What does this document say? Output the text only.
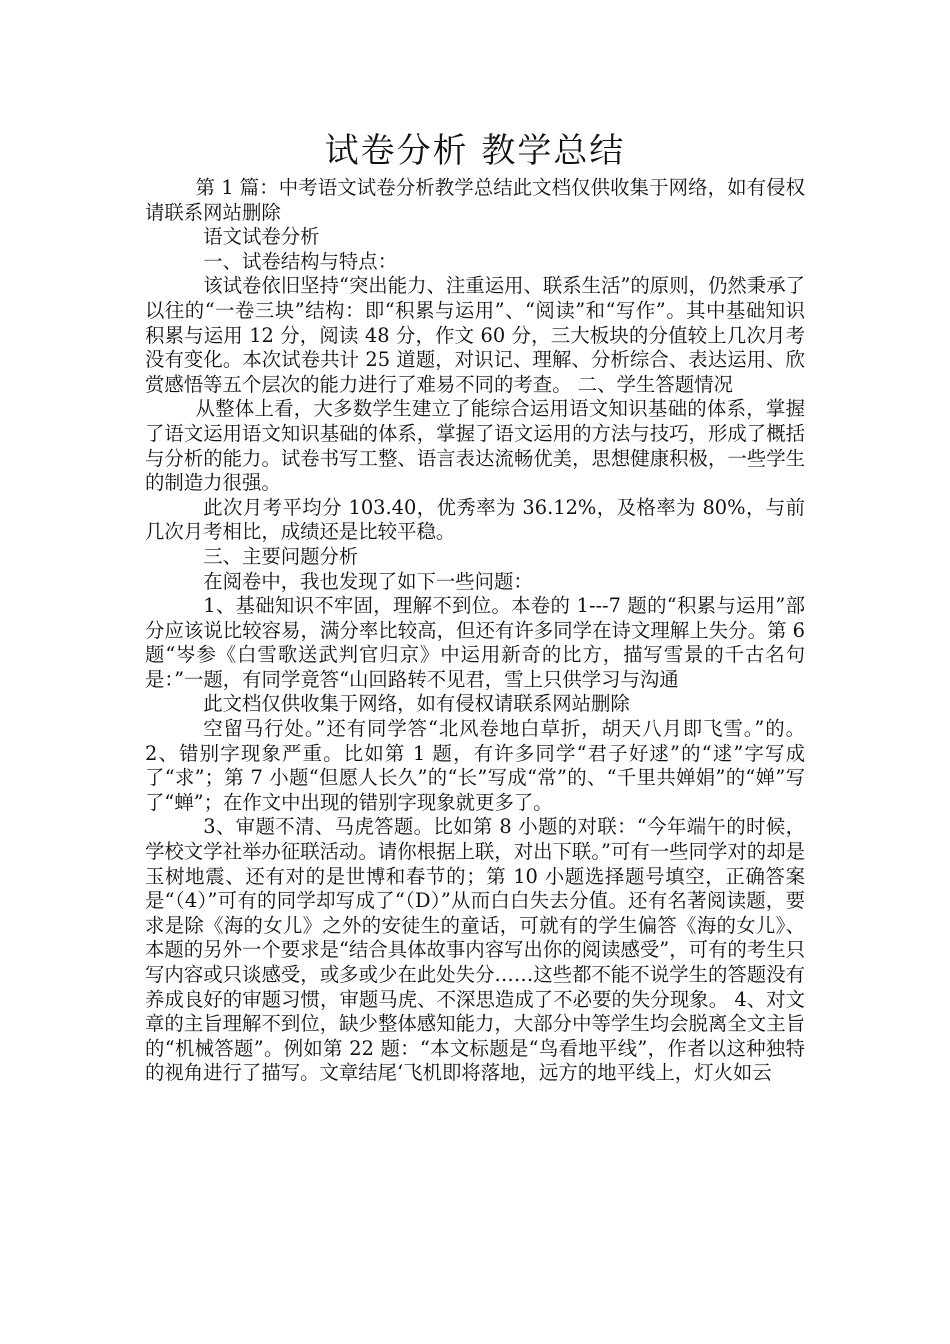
试卷分析 教学总结

第 1 篇：中考语文试卷分析教学总结此文档仅供收集于网络，如有侵权请联系网站删除

语文试卷分析

一、试卷结构与特点：

该试卷依旧坚持“突出能力、注重运用、联系生活”的原则，仍然秉承了以往的“一卷三块”结构：即“积累与运用”、“阅读”和“写作”。其中基础知识积累与运用 12 分，阅读 48 分，作文 60 分，三大板块的分值较上几次月考没有变化。本次试卷共计 25 道题，对识记、理解、分析综合、表达运用、欣赏感悟等五个层次的能力进行了难易不同的考查。 二、学生答题情况

从整体上看，大多数学生建立了能综合运用语文知识基础的体系，掌握了语文运用语文知识基础的体系，掌握了语文运用的方法与技巧，形成了概括与分析的能力。试卷书写工整、语言表达流畅优美，思想健康积极，一些学生的制造力很强。

此次月考平均分 103.40，优秀率为 36.12%，及格率为 80%，与前几次月考相比，成绩还是比较平稳。

三、主要问题分析

在阅卷中，我也发现了如下一些问题：

1、基础知识不牢固，理解不到位。本卷的 1---7 题的“积累与运用”部分应该说比较容易，满分率比较高，但还有许多同学在诗文理解上失分。第 6 题“岑参《白雪歌送武判官归京》中运用新奇的比方，描写雪景的千古名句是：”一题，有同学竟答“山回路转不见君，雪上只供学习与沟通

此文档仅供收集于网络，如有侵权请联系网站删除

空留马行处。”还有同学答“北风卷地白草折，胡天八月即飞雪。”的。 2、错别字现象严重。比如第 1 题，有许多同学“君子好逑”的“逑”字写成了“求”；第 7 小题“但愿人长久”的“长”写成“常”的、“千里共婵娟”的“婵”写了“蝉”；在作文中出现的错别字现象就更多了。

3、审题不清、马虎答题。比如第 8 小题的对联：“今年端午的时候，学校文学社举办征联活动。请你根据上联，对出下联。”可有一些同学对的却是玉树地震、还有对的是世博和春节的；第 10 小题选择题号填空，正确答案是“（4）”可有的同学却写成了“（D）”从而白白失去分值。还有名著阅读题，要求是除《海的女儿》之外的安徒生的童话，可就有的学生偏答《海的女儿》、本题的另外一个要求是“结合具体故事内容写出你的阅读感受”，可有的考生只写内容或只谈感受，或多或少在此处失分……这些都不能不说学生的答题没有养成良好的审题习惯，审题马虎、不深思造成了不必要的失分现象。 4、对文章的主旨理解不到位，缺少整体感知能力，大部分中等学生均会脱离全文主旨的“机械答题”。例如第 22 题：“本文标题是“鸟看地平线”，作者以这种独特的视角进行了描写。文章结尾‘飞机即将落地，远方的地平线上，灯火如云
